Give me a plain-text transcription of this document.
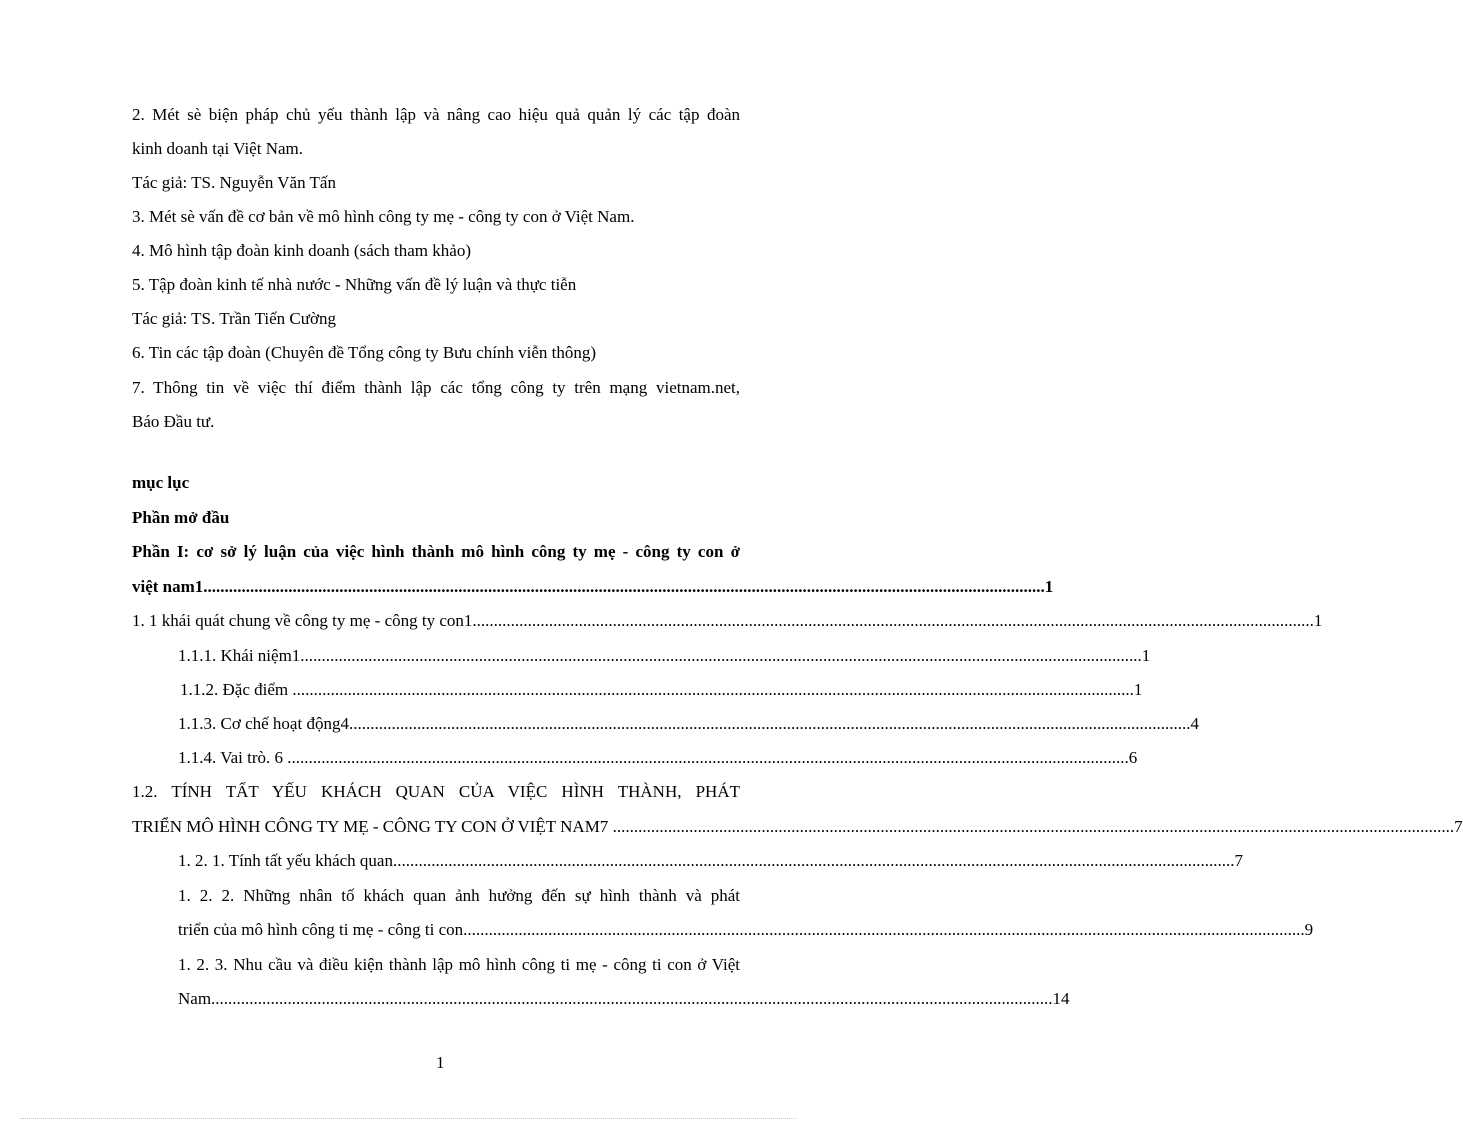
2. Mét sè biện pháp chủ yếu thành lập và nâng cao hiệu quả quản lý các tập đoàn
kinh doanh tại Việt Nam.
Tác giả: TS. Nguyễn Văn Tấn
3. Mét sè vấn đề cơ bản về mô hình công ty mẹ - công ty con ở Việt Nam.
4. Mô hình tập đoàn kinh doanh (sách tham khảo)
5. Tập đoàn kinh tế nhà nước - Những vấn đề lý luận và thực tiễn
Tác giả: TS. Trần Tiến Cường
6. Tin các tập đoàn (Chuyên đề Tổng công ty Bưu chính viễn thông)
7. Thông tin về việc thí điểm thành lập các tổng công ty trên mạng vietnam.net,
Báo Đầu tư.
mục lục
Phần mở đầu
Phần I: cơ sở lý luận của việc hình thành mô hình công ty mẹ - công ty con ở
việt nam1 ...................................................................................................................................................................................................... 1
1. 1 khái quát chung về công ty mẹ - công ty con1 ...................................................................................................................................................................................................... 1
1.1.1. Khái niệm1 ...................................................................................................................................................................................................... 1
1.1.2. Đặc điểm ...................................................................................................................................................................................................... 1
1.1.3. Cơ chế hoạt động4 ...................................................................................................................................................................................................... 4
1.1.4. Vai trò. 6 ...................................................................................................................................................................................................... 6
1.2. TÍNH TẤT YẾU KHÁCH QUAN CỦA VIỆC HÌNH THÀNH, PHÁT
TRIỂN MÔ HÌNH CÔNG TY MẸ - CÔNG TY CON Ở VIỆT NAM7 ...................................................................................................................................................................................................... 7
1. 2. 1. Tính tất yếu khách quan ...................................................................................................................................................................................................... 7
1. 2. 2. Những nhân tố khách quan ảnh hưởng đến sự hình thành và phát
triển của mô hình công ti mẹ - công ti con ...................................................................................................................................................................................................... 9
1. 2. 3. Nhu cầu và điều kiện thành lập mô hình công ti mẹ - công ti con ở Việt
Nam ...................................................................................................................................................................................................... 14
1
